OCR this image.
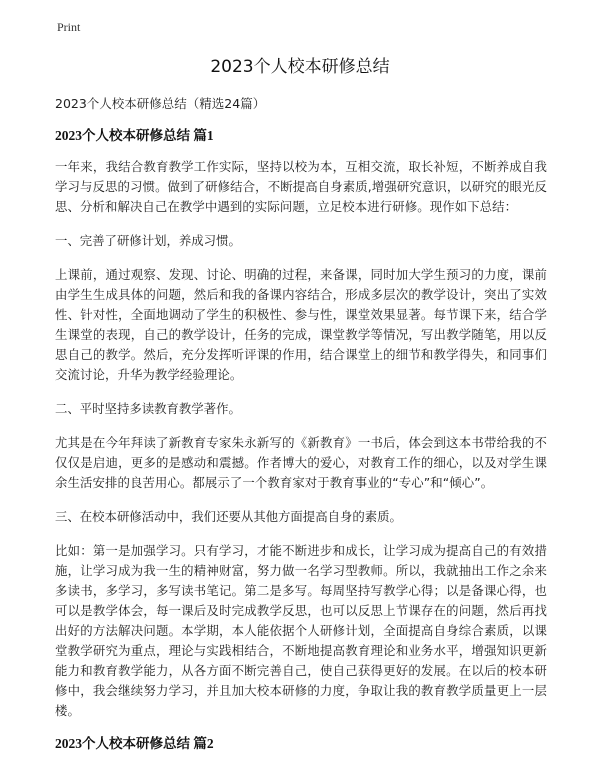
Print
2023个人校本研修总结

2023个人校本研修总结（精选24篇）

2023个人校本研修总结 篇1

一年来，我结合教育教学工作实际，坚持以校为本，互相交流，取长补短，不断养成自我学习与反思的习惯。做到了研修结合，不断提高自身素质,增强研究意识，以研究的眼光反思、分析和解决自己在教学中遇到的实际问题，立足校本进行研修。现作如下总结：

一、完善了研修计划，养成习惯。

上课前，通过观察、发现、讨论、明确的过程，来备课，同时加大学生预习的力度，课前由学生生成具体的问题，然后和我的备课内容结合，形成多层次的教学设计，突出了实效性、针对性，全面地调动了学生的积极性、参与性，课堂效果显著。每节课下来，结合学生课堂的表现，自己的教学设计，任务的完成，课堂教学等情况，写出教学随笔，用以反思自己的教学。然后，充分发挥听评课的作用，结合课堂上的细节和教学得失，和同事们交流讨论，升华为教学经验理论。

二、平时坚持多读教育教学著作。

尤其是在今年拜读了新教育专家朱永新写的《新教育》一书后，体会到这本书带给我的不仅仅是启迪，更多的是感动和震撼。作者博大的爱心，对教育工作的细心，以及对学生课余生活安排的良苦用心。都展示了一个教育家对于教育事业的“专心”和“倾心”。

三、在校本研修活动中，我们还要从其他方面提高自身的素质。

比如：第一是加强学习。只有学习，才能不断进步和成长，让学习成为提高自己的有效措施，让学习成为我一生的精神财富，努力做一名学习型教师。所以，我就抽出工作之余来多读书，多学习，多写读书笔记。第二是多写。每周坚持写教学心得；以是备课心得，也可以是教学体会，每一课后及时完成教学反思，也可以反思上节课存在的问题，然后再找出好的方法解决问题。本学期，本人能依据个人研修计划，全面提高自身综合素质，以课堂教学研究为重点，理论与实践相结合，不断地提高教育理论和业务水平，增强知识更新能力和教育教学能力，从各方面不断完善自己，使自己获得更好的发展。在以后的校本研修中，我会继续努力学习，并且加大校本研修的力度，争取让我的教育教学质量更上一层楼。

2023个人校本研修总结 篇2
